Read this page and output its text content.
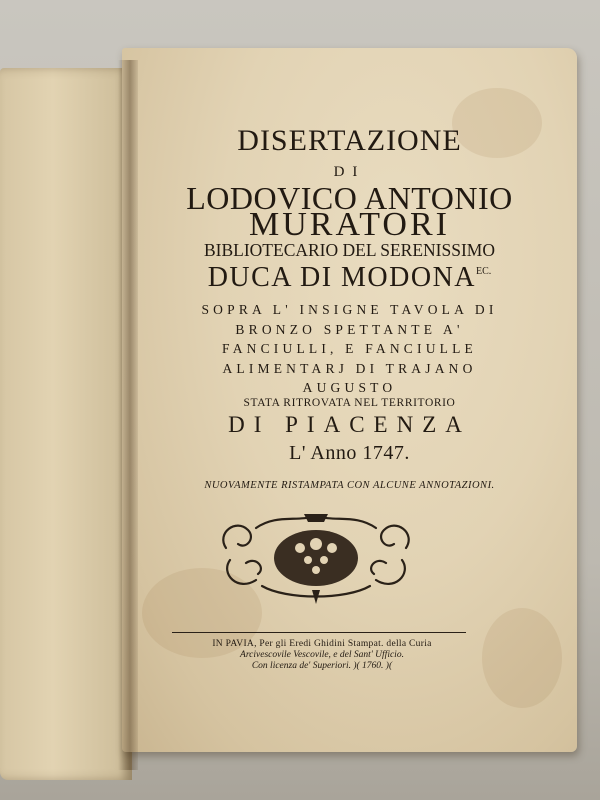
DISERTAZIONE
DI
LODOVICO ANTONIO
MURATORI
BIBLIOTECARIO DEL SERENISSIMO
DUCA DI $MODONA^{EC.}$
SOPRA L' INSIGNE TAVOLA DI
BRONZO SPETTANTE A'
FANCIULLI, E FANCIULLE
ALIMENTARJ DI TRAJANO
AUGUSTO
STATA RITROVATA NEL TERRITORIO
DI PIACENZA
L' Anno 1747.
NUOVAMENTE RISTAMPATA CON ALCUNE ANNOTAZIONI.
IN PAVIA, Per gli Eredi Ghidini Stampat. della Curia
Arcivescovile Vescovile, e del Sant' Ufficio.
Con licenza de' Superiori. )( 1760. )(
